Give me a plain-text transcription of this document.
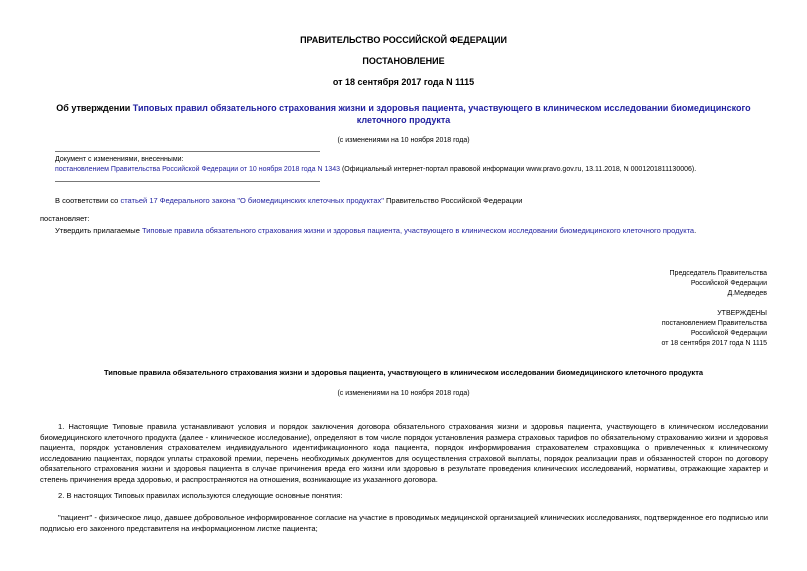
ПРАВИТЕЛЬСТВО РОССИЙСКОЙ ФЕДЕРАЦИИ
ПОСТАНОВЛЕНИЕ
от 18 сентября 2017 года N 1115
Об утверждении Типовых правил обязательного страхования жизни и здоровья пациента, участвующего в клиническом исследовании биомедицинского
клеточного продукта
(с изменениями на 10 ноября 2018 года)
Документ с изменениями, внесенными:
постановлением Правительства Российской Федерации от 10 ноября 2018 года N 1343 (Официальный интернет-портал правовой информации www.pravo.gov.ru, 13.11.2018, N 0001201811130006).
В соответствии со статьей 17 Федерального закона "О биомедицинских клеточных продуктах" Правительство Российской Федерации
постановляет:
Утвердить прилагаемые Типовые правила обязательного страхования жизни и здоровья пациента, участвующего в клиническом исследовании биомедицинского клеточного продукта.
Председатель Правительства
Российской Федерации
Д.Медведев
УТВЕРЖДЕНЫ
постановлением Правительства
Российской Федерации
от 18 сентября 2017 года N 1115
Типовые правила обязательного страхования жизни и здоровья пациента, участвующего в клиническом исследовании биомедицинского клеточного продукта
(с изменениями на 10 ноября 2018 года)
1. Настоящие Типовые правила устанавливают условия и порядок заключения договора обязательного страхования жизни и здоровья пациента, участвующего в клиническом исследовании биомедицинского клеточного продукта (далее - клиническое исследование), определяют в том числе порядок установления размера страховых тарифов по обязательному страхованию жизни и здоровья пациента, порядок установления страхователем индивидуального идентификационного кода пациента, порядок информирования страхователем страховщика о привлеченных к клиническому исследованию пациентах, порядок уплаты страховой премии, перечень необходимых документов для осуществления страховой выплаты, порядок реализации прав и обязанностей сторон по договору обязательного страхования жизни и здоровья пациента в случае причинения вреда его жизни или здоровью в результате проведения клинических исследований, нормативы, отражающие характер и степень причинения вреда здоровью, и распространяются на отношения, возникающие из указанного договора.
2. В настоящих Типовых правилах используются следующие основные понятия:
"пациент" - физическое лицо, давшее добровольное информированное согласие на участие в проводимых медицинской организацией клинических исследованиях, подтвержденное его подписью или подписью его законного представителя на информационном листке пациента;
